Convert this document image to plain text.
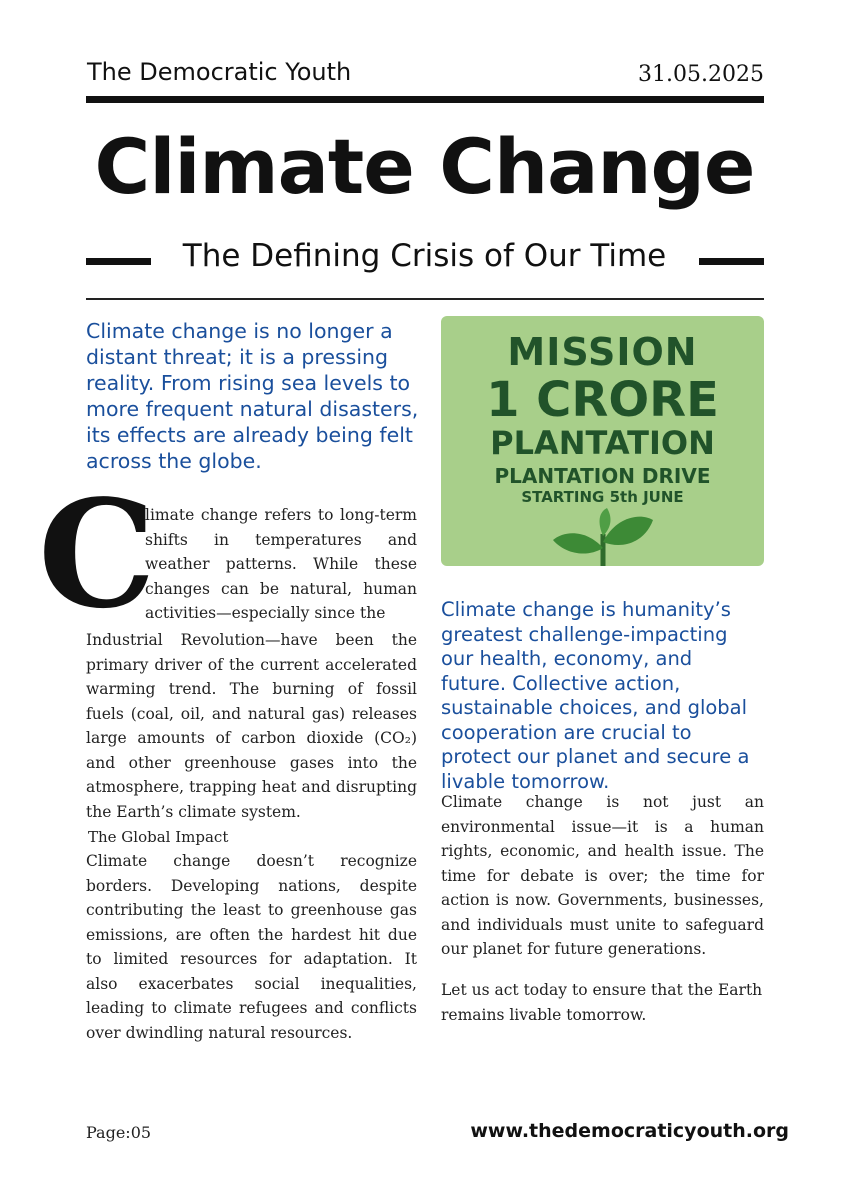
The Democratic Youth	31.05.2025
Climate Change
The Defining Crisis of Our Time
Climate change is no longer a distant threat; it is a pressing reality. From rising sea levels to more frequent natural disasters, its effects are already being felt across the globe.
C
limate change refers to long-term shifts in temperatures and weather patterns. While these changes can be natural, human activities—especially since the
Industrial Revolution—have been the primary driver of the current accelerated warming trend. The burning of fossil fuels (coal, oil, and natural gas) releases large amounts of carbon dioxide (CO₂) and other greenhouse gases into the atmosphere, trapping heat and disrupting the Earth’s climate system.
The Global Impact
Climate change doesn’t recognize borders. Developing nations, despite contributing the least to greenhouse gas emissions, are often the hardest hit due to limited resources for adaptation. It also exacerbates social inequalities, leading to climate refugees and conflicts over dwindling natural resources.
MISSION
1 CRORE
PLANTATION
PLANTATION DRIVE
STARTING 5th JUNE
Climate change is humanity’s greatest challenge-impacting our health, economy, and future. Collective action, sustainable choices, and global cooperation are crucial to protect our planet and secure a livable tomorrow.
Climate change is not just an environmental issue—it is a human rights, economic, and health issue. The time for debate is over; the time for action is now. Governments, businesses, and individuals must unite to safeguard our planet for future generations.
Let us act today to ensure that the Earth remains livable tomorrow.
Page:05	www.thedemocraticyouth.org
